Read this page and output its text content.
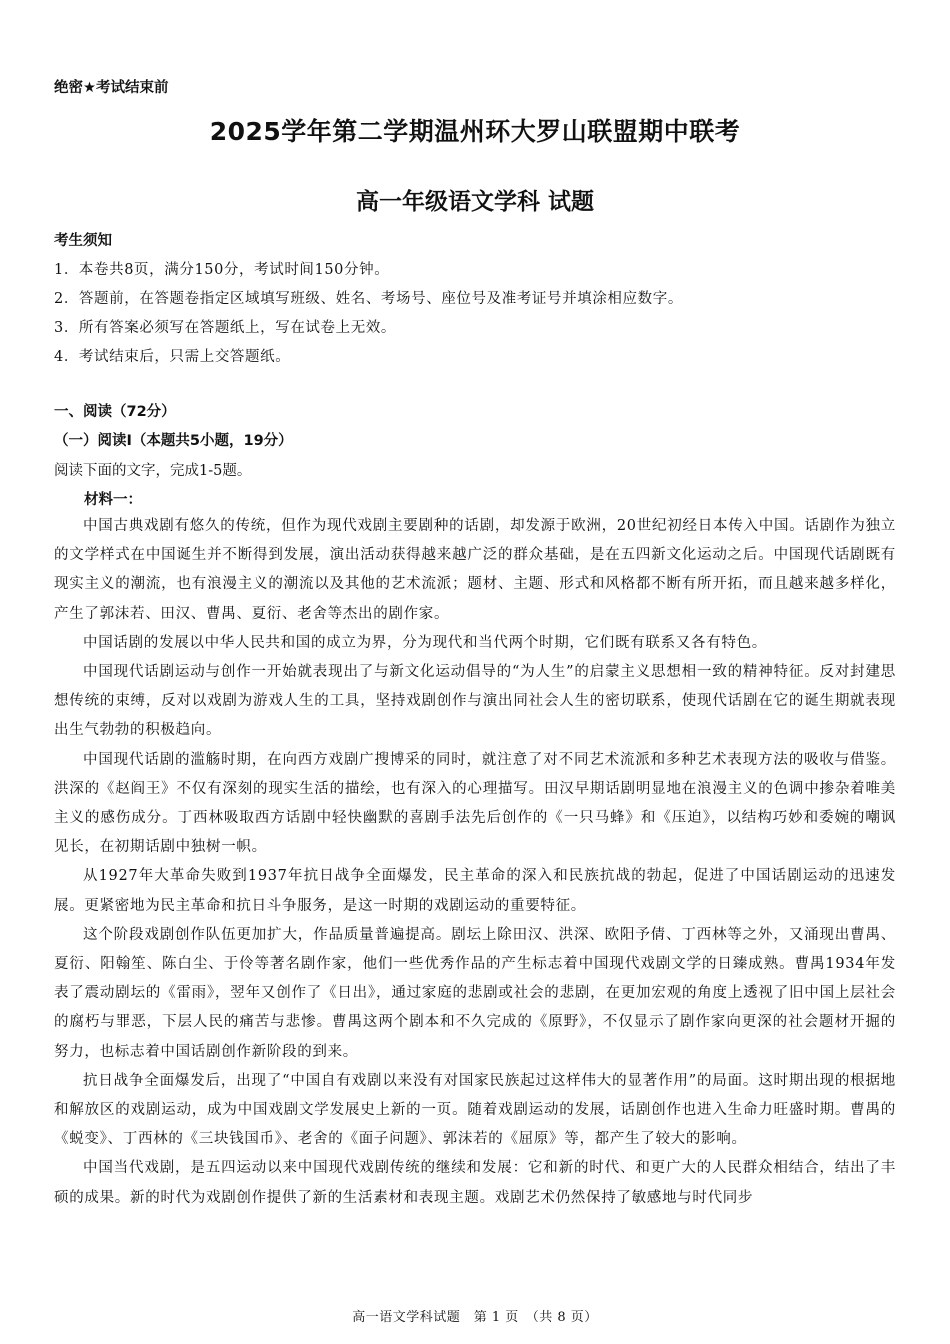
绝密★考试结束前
2025学年第二学期温州环大罗山联盟期中联考
高一年级语文学科 试题
考生须知
1．本卷共8页，满分150分，考试时间150分钟。
2．答题前，在答题卷指定区域填写班级、姓名、考场号、座位号及准考证号并填涂相应数字。
3．所有答案必须写在答题纸上，写在试卷上无效。
4．考试结束后，只需上交答题纸。
一、阅读（72分）
（一）阅读Ⅰ（本题共5小题，19分）
阅读下面的文字，完成1-5题。
材料一：

中国古典戏剧有悠久的传统，但作为现代戏剧主要剧种的话剧，却发源于欧洲，20世纪初经日本传入中国。话剧作为独立的文学样式在中国诞生并不断得到发展，演出活动获得越来越广泛的群众基础，是在五四新文化运动之后。中国现代话剧既有现实主义的潮流，也有浪漫主义的潮流以及其他的艺术流派；题材、主题、形式和风格都不断有所开拓，而且越来越多样化，产生了郭沫若、田汉、曹禺、夏衍、老舍等杰出的剧作家。

中国话剧的发展以中华人民共和国的成立为界，分为现代和当代两个时期，它们既有联系又各有特色。

中国现代话剧运动与创作一开始就表现出了与新文化运动倡导的“为人生”的启蒙主义思想相一致的精神特征。反对封建思想传统的束缚，反对以戏剧为游戏人生的工具，坚持戏剧创作与演出同社会人生的密切联系，使现代话剧在它的诞生期就表现出生气勃勃的积极趋向。

中国现代话剧的滥觞时期，在向西方戏剧广搜博采的同时，就注意了对不同艺术流派和多种艺术表现方法的吸收与借鉴。洪深的《赵阎王》不仅有深刻的现实生活的描绘，也有深入的心理描写。田汉早期话剧明显地在浪漫主义的色调中掺杂着唯美主义的感伤成分。丁西林吸取西方话剧中轻快幽默的喜剧手法先后创作的《一只马蜂》和《压迫》，以结构巧妙和委婉的嘲讽见长，在初期话剧中独树一帜。

从1927年大革命失败到1937年抗日战争全面爆发，民主革命的深入和民族抗战的勃起，促进了中国话剧运动的迅速发展。更紧密地为民主革命和抗日斗争服务，是这一时期的戏剧运动的重要特征。

这个阶段戏剧创作队伍更加扩大，作品质量普遍提高。剧坛上除田汉、洪深、欧阳予倩、丁西林等之外，又涌现出曹禺、夏衍、阳翰笙、陈白尘、于伶等著名剧作家，他们一些优秀作品的产生标志着中国现代戏剧文学的日臻成熟。曹禺1934年发表了震动剧坛的《雷雨》，翌年又创作了《日出》，通过家庭的悲剧或社会的悲剧，在更加宏观的角度上透视了旧中国上层社会的腐朽与罪恶，下层人民的痛苦与悲惨。曹禺这两个剧本和不久完成的《原野》，不仅显示了剧作家向更深的社会题材开掘的努力，也标志着中国话剧创作新阶段的到来。

抗日战争全面爆发后，出现了“中国自有戏剧以来没有对国家民族起过这样伟大的显著作用”的局面。这时期出现的根据地和解放区的戏剧运动，成为中国戏剧文学发展史上新的一页。随着戏剧运动的发展，话剧创作也进入生命力旺盛时期。曹禺的《蜕变》、丁西林的《三块钱国币》、老舍的《面子问题》、郭沫若的《屈原》等，都产生了较大的影响。

中国当代戏剧，是五四运动以来中国现代戏剧传统的继续和发展：它和新的时代、和更广大的人民群众相结合，结出了丰硕的成果。新的时代为戏剧创作提供了新的生活素材和表现主题。戏剧艺术仍然保持了敏感地与时代同步

高一语文学科试题　第 1 页　（共 8 页）
